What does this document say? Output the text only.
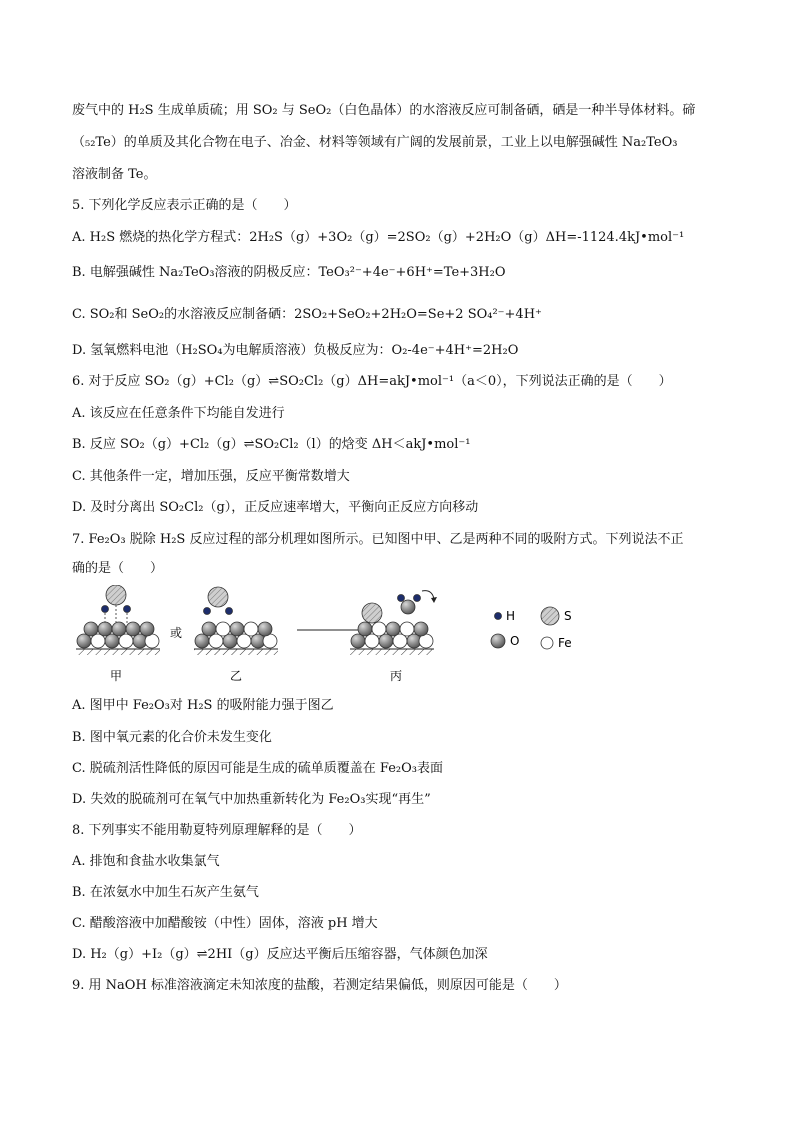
废气中的 H₂S 生成单质硫；用 SO₂ 与 SeO₂（白色晶体）的水溶液反应可制备硒，硒是一种半导体材料。碲
（₅₂Te）的单质及其化合物在电子、冶金、材料等领域有广阔的发展前景，工业上以电解强碱性 Na₂TeO₃
溶液制备 Te。
5. 下列化学反应表示正确的是（　　）
A. H₂S 燃烧的热化学方程式：2H₂S（g）+3O₂（g）=2SO₂（g）+2H₂O（g）ΔH=-1124.4kJ•mol⁻¹
B. 电解强碱性 Na₂TeO₃溶液的阴极反应：TeO₃²⁻+4e⁻+6H⁺=Te+3H₂O
C. SO₂和 SeO₂的水溶液反应制备硒：2SO₂+SeO₂+2H₂O=Se+2 SO₄²⁻+4H⁺
D. 氢氧燃料电池（H₂SO₄为电解质溶液）负极反应为：O₂-4e⁻+4H⁺=2H₂O
6. 对于反应 SO₂（g）+Cl₂（g）⇌SO₂Cl₂（g）ΔH=akJ•mol⁻¹（a＜0），下列说法正确的是（　　）
A. 该反应在任意条件下均能自发进行
B. 反应 SO₂（g）+Cl₂（g）⇌SO₂Cl₂（l）的焓变 ΔH＜akJ•mol⁻¹
C. 其他条件一定，增加压强，反应平衡常数增大
D. 及时分离出 SO₂Cl₂（g），正反应速率增大，平衡向正反应方向移动
7. Fe₂O₃ 脱除 H₂S 反应过程的部分机理如图所示。已知图中甲、乙是两种不同的吸附方式。下列说法不正
确的是（　　）
甲
或
乙	丙
H	S
O	Fe
A. 图甲中 Fe₂O₃对 H₂S 的吸附能力强于图乙
B. 图中氧元素的化合价未发生变化
C. 脱硫剂活性降低的原因可能是生成的硫单质覆盖在 Fe₂O₃表面
D. 失效的脱硫剂可在氧气中加热重新转化为 Fe₂O₃实现“再生”
8. 下列事实不能用勒夏特列原理解释的是（　　）
A. 排饱和食盐水收集氯气
B. 在浓氨水中加生石灰产生氨气
C. 醋酸溶液中加醋酸铵（中性）固体，溶液 pH 增大
D. H₂（g）+I₂（g）⇌2HI（g）反应达平衡后压缩容器，气体颜色加深
9. 用 NaOH 标准溶液滴定未知浓度的盐酸，若测定结果偏低，则原因可能是（　　）
